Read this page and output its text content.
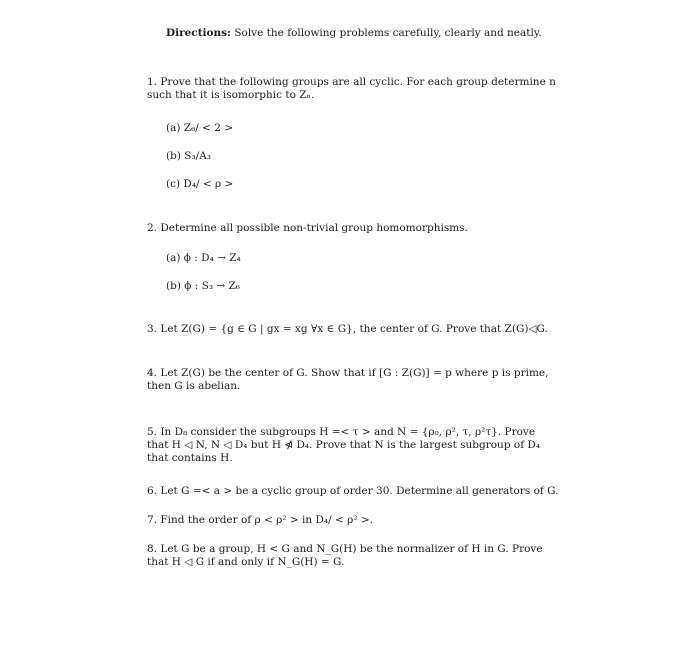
Directions: Solve the following problems carefully, clearly and neatly.
1. Prove that the following groups are all cyclic. For each group determine n
such that it is isomorphic to Zₙ.
(a) Z₆/ < 2 >
(b) S₃/A₃
(c) D₄/ < ρ >
2. Determine all possible non-trivial group homomorphisms.
(a) ϕ : D₄ → Z₄
(b) ϕ : S₃ → Z₆
3. Let Z(G) = {g ∈ G | gx = xg ∀x ∈ G}, the center of G. Prove that Z(G)◁G.
4. Let Z(G) be the center of G. Show that if [G : Z(G)] = p where p is prime,
then G is abelian.
5. In D₈ consider the subgroups H =< τ > and N = {ρ₀, ρ², τ, ρ²τ}. Prove
that H ◁ N, N ◁ D₄ but H ⋪ D₄. Prove that N is the largest subgroup of D₄
that contains H.
6. Let G =< a > be a cyclic group of order 30. Determine all generators of G.
7. Find the order of ρ < ρ² > in D₄/ < ρ² >.
8. Let G be a group, H < G and N_G(H) be the normalizer of H in G. Prove
that H ◁ G if and only if N_G(H) = G.
